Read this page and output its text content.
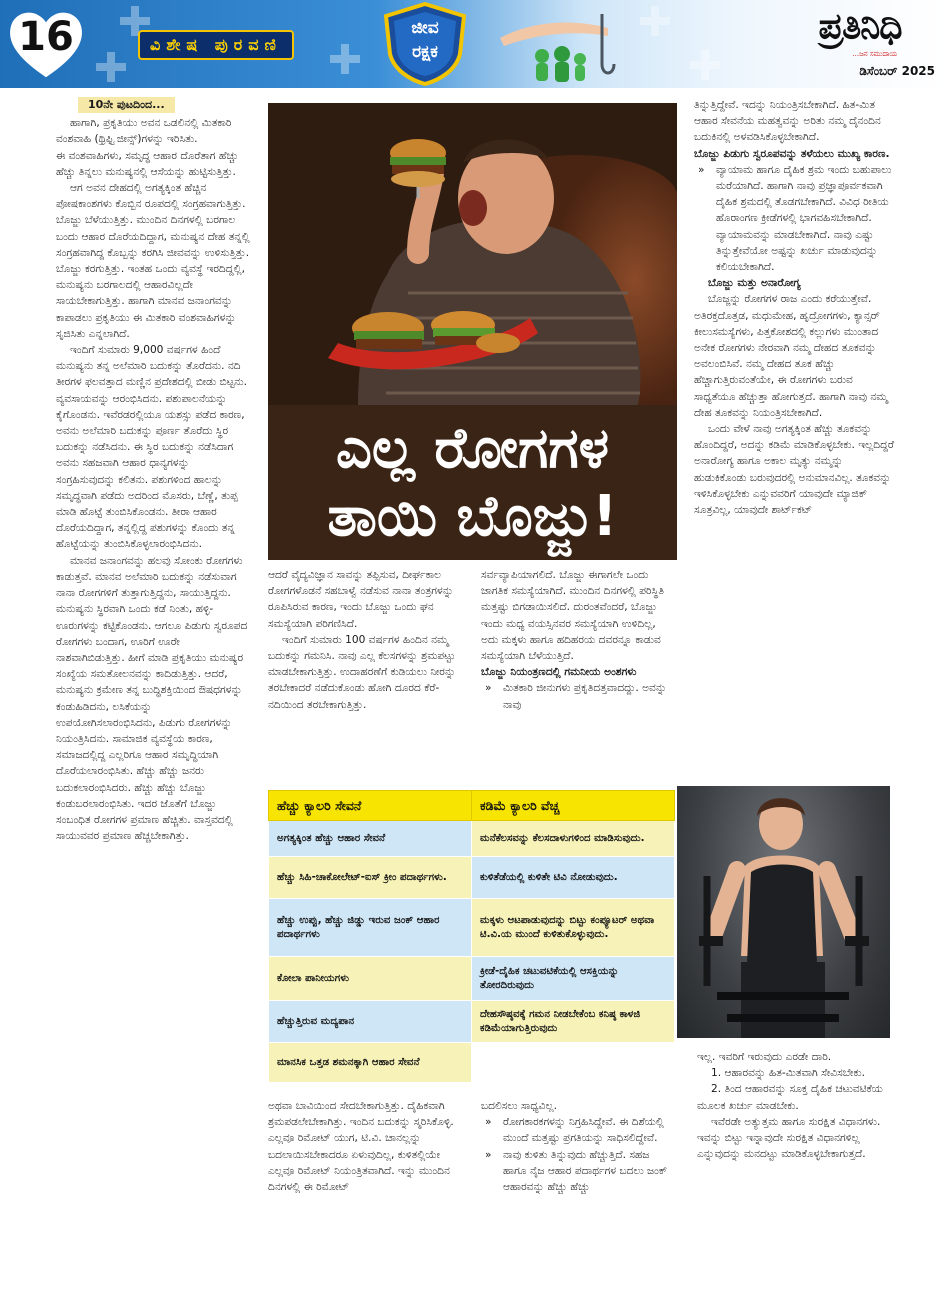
16	ವಿಶೇಷ ಪುರವಣಿ
ಜೀವ
ರಕ್ಷಕ
ಪ್ರತಿನಿಧಿ
...ಜನ ಸಮುದಾಯ
ಡಿಸೆಂಬರ್ 2025
10ನೇ ಪುಟದಿಂದ...

ಹಾಗಾಗಿ, ಪ್ರಕೃತಿಯು ಅವನ ಒಡಲಿನಲ್ಲಿ ಮಿತಕಾರಿ ವಂಶವಾಹಿ (ಥ್ರಿಫ್ಟಿ ಜೀನ್ಸ್)ಗಳನ್ನು ಇರಿಸಿತು.

ಈ ವಂಶವಾಹಿಗಳು, ಸಮೃದ್ಧ ಆಹಾರ ದೊರೆತಾಗ ಹೆಚ್ಚು ಹೆಚ್ಚು ತಿನ್ನಲು ಮನುಷ್ಯನಲ್ಲಿ ಆಸೆಯನ್ನು ಹುಟ್ಟಿಸುತ್ತಿತ್ತು.

ಆಗ ಅವನ ದೇಹದಲ್ಲಿ ಅಗತ್ಯಕ್ಕಿಂತ ಹೆಚ್ಚಿನ ಪೋಷಕಾಂಶಗಳು ಕೊಬ್ಬಿನ ರೂಪದಲ್ಲಿ ಸಂಗ್ರಹವಾಗುತ್ತಿತ್ತು. ಬೊಜ್ಜು ಬೆಳೆಯುತ್ತಿತ್ತು. ಮುಂದಿನ ದಿನಗಳಲ್ಲಿ ಬರಗಾಲ ಬಂದು ಆಹಾರ ದೊರೆಯದಿದ್ದಾಗ, ಮನುಷ್ಯನ ದೇಹ ತನ್ನಲ್ಲಿ ಸಂಗ್ರಹವಾಗಿದ್ದ ಕೊಬ್ಬನ್ನು ಕರಗಿಸಿ ಜೀವವನ್ನು ಉಳಿಸುತ್ತಿತ್ತು. ಬೊಜ್ಜು ಕರಗುತ್ತಿತ್ತು. ಇಂತಹ ಒಂದು ವ್ಯವಸ್ಥೆ ಇರದಿದ್ದಲ್ಲಿ, ಮನುಷ್ಯನು ಬರಗಾಲದಲ್ಲಿ ಆಹಾರವಿಲ್ಲದೇ ಸಾಯಬೇಕಾಗುತ್ತಿತ್ತು. ಹಾಗಾಗಿ ಮಾನವ ಜನಾಂಗವನ್ನು ಕಾಪಾಡಲು ಪ್ರಕೃತಿಯು ಈ ಮಿತಕಾರಿ ವಂಶವಾಹಿಗಳನ್ನು ಸೃಜಿಸಿತು ಎನ್ನಲಾಗಿದೆ.

ಇಂದಿಗೆ ಸುಮಾರು 9,000 ವರ್ಷಗಳ ಹಿಂದೆ ಮನುಷ್ಯನು ತನ್ನ ಅಲೆಮಾರಿ ಬದುಕನ್ನು ತೊರೆದನು. ನದಿ ತೀರಗಳ ಫಲವತ್ತಾದ ಮಣ್ಣಿನ ಪ್ರದೇಶದಲ್ಲಿ ಬೀಡು ಬಿಟ್ಟನು. ವ್ಯವಸಾಯವನ್ನು ಆರಂಭಿಸಿದನು. ಪಶುಪಾಲನೆಯನ್ನು ಕೈಗೊಂಡನು. ಇವೆರಡರಲ್ಲಿಯೂ ಯಶಸ್ಸು ಪಡೆದ ಕಾರಣ, ಅವನು ಅಲೆಮಾರಿ ಬದುಕನ್ನು ಪೂರ್ಣ ತೊರೆದು ಸ್ಥಿರ ಬದುಕನ್ನು ನಡೆಸಿದನು. ಈ ಸ್ಥಿರ ಬದುಕನ್ನು ನಡೆಸಿದಾಗ ಅವನು ಸಹಜವಾಗಿ ಆಹಾರ ಧಾನ್ಯಗಳನ್ನು ಸಂಗ್ರಹಿಸುವುದನ್ನು ಕಲಿತನು. ಪಶುಗಳಿಂದ ಹಾಲನ್ನು ಸಮೃದ್ಧವಾಗಿ ಪಡೆದು ಅದರಿಂದ ಮೊಸರು, ಬೆಣ್ಣೆ, ತುಪ್ಪ ಮಾಡಿ ಹೊಟ್ಟೆ ತುಂಬಿಸಿಕೊಂಡನು. ತೀರಾ ಆಹಾರ ದೊರೆಯದಿದ್ದಾಗ, ತನ್ನಲ್ಲಿದ್ದ ಪಶುಗಳನ್ನು ಕೊಂದು ತನ್ನ ಹೊಟ್ಟೆಯನ್ನು ತುಂಬಿಸಿಕೊಳ್ಳಲಾರಂಭಿಸಿದನು.

ಮಾನವ ಜನಾಂಗವನ್ನು ಹಲವು ಸೋಂಕು ರೋಗಗಳು ಕಾಡುತ್ತವೆ. ಮಾನವ ಅಲೆಮಾರಿ ಬದುಕನ್ನು ನಡೆಸುವಾಗ ನಾನಾ ರೋಗಗಳಿಗೆ ತುತ್ತಾಗುತ್ತಿದ್ದನು, ಸಾಯುತ್ತಿದ್ದನು. ಮನುಷ್ಯನು ಸ್ಥಿರವಾಗಿ ಒಂದು ಕಡೆ ನಿಂತು, ಹಳ್ಳಿ-ಊರುಗಳನ್ನು ಕಟ್ಟಿಕೊಂಡನು. ಆಗಲೂ ಪಿಡುಗು ಸ್ವರೂಪದ ರೋಗಗಳು ಬಂದಾಗ, ಊರಿಗೆ ಊರೇ ನಾಶವಾಗಿಬಿಡುತ್ತಿತ್ತು. ಹೀಗೆ ಮಾಡಿ ಪ್ರಕೃತಿಯು ಮನುಷ್ಯರ ಸಂಖ್ಯೆಯ ಸಮತೋಲನವನ್ನು ಕಾದಿಡುತ್ತಿತ್ತು. ಆದರೆ, ಮನುಷ್ಯನು ಕ್ರಮೇಣ ತನ್ನ ಬುದ್ಧಿಶಕ್ತಿಯಿಂದ ಔಷಧಗಳನ್ನು ಕಂಡುಹಿಡಿದನು, ಲಸಿಕೆಯನ್ನು ಉಪಯೋಗಿಸಲಾರಂಭಿಸಿದನು, ಪಿಡುಗು ರೋಗಗಳನ್ನು ನಿಯಂತ್ರಿಸಿದನು. ಸಾಮಾಜಿಕ ವ್ಯವಸ್ಥೆಯ ಕಾರಣ, ಸಮಾಜದಲ್ಲಿದ್ದ ಎಲ್ಲರಿಗೂ ಆಹಾರ ಸಮೃದ್ಧಿಯಾಗಿ ದೊರೆಯಲಾರಂಭಿಸಿತು. ಹೆಚ್ಚು ಹೆಚ್ಚು ಜನರು ಬದುಕಲಾರಂಭಿಸಿದರು. ಹೆಚ್ಚು ಹೆಚ್ಚು ಬೊಜ್ಜು ಕಂಡುಬರಲಾರಂಭಿಸಿತು. ಇದರ ಜೊತೆಗೆ ಬೊಜ್ಜು ಸಂಬಂಧಿತ ರೋಗಗಳ ಪ್ರಮಾಣ ಹೆಚ್ಚಿತು. ವಾಸ್ತವದಲ್ಲಿ ಸಾಯುವವರ ಪ್ರಮಾಣ ಹೆಚ್ಚಬೇಕಾಗಿತ್ತು.

ಎಲ್ಲ ರೋಗಗಳ
ತಾಯಿ ಬೊಜ್ಜು!

ಆದರೆ ವೈದ್ಯವಿಜ್ಞಾನ ಸಾವನ್ನು ತಪ್ಪಿಸುವ, ದೀರ್ಘಕಾಲ ರೋಗಗಳೊಡನೆ ಸಹಬಾಳ್ವೆ ನಡೆಸುವ ನಾನಾ ತಂತ್ರಗಳನ್ನು ರೂಪಿಸಿರುವ ಕಾರಣ, ಇಂದು ಬೊಜ್ಜು ಒಂದು ಘನ ಸಮಸ್ಯೆಯಾಗಿ ಪರಿಗಣಿಸಿದೆ.

ಇಂದಿಗೆ ಸುಮಾರು 100 ವರ್ಷಗಳ ಹಿಂದಿನ ನಮ್ಮ ಬದುಕನ್ನು ಗಮನಿಸಿ. ನಾವು ಎಲ್ಲ ಕೆಲಸಗಳನ್ನು ಶ್ರಮಪಟ್ಟು ಮಾಡಬೇಕಾಗುತ್ತಿತ್ತು. ಉದಾಹರಣೆಗೆ ಕುಡಿಯಲು ನೀರನ್ನು ತರಬೇಕಾದರೆ ನಡೆದುಕೊಂಡು ಹೋಗಿ ದೂರದ ಕೆರೆ-ನದಿಯಿಂದ ತರಬೇಕಾಗುತ್ತಿತ್ತು.

ಸರ್ವವ್ಯಾಪಿಯಾಗಲಿದೆ. ಬೊಜ್ಜು ಈಗಾಗಲೇ ಒಂದು ಜಾಗತಿಕ ಸಮಸ್ಯೆಯಾಗಿದೆ. ಮುಂದಿನ ದಿನಗಳಲ್ಲಿ ಪರಿಸ್ಥಿತಿ ಮತ್ತಷ್ಟು ಬಿಗಡಾಯಿಸಲಿದೆ. ದುರಂತವೆಂದರೆ, ಬೊಜ್ಜು ಇಂದು ಮಧ್ಯ ವಯಸ್ಸಿನವರ ಸಮಸ್ಯೆಯಾಗಿ ಉಳಿದಿಲ್ಲ, ಅದು ಮಕ್ಕಳು ಹಾಗೂ ಹದಿಹರಯ ದವರನ್ನೂ ಕಾಡುವ ಸಮಸ್ಯೆಯಾಗಿ ಬೆಳೆಯುತ್ತಿದೆ.

ಬೊಜ್ಜು ನಿಯಂತ್ರಣದಲ್ಲಿ ಗಮನೀಯ ಅಂಶಗಳು

» ಮಿತಕಾರಿ ಜೀನುಗಳು ಪ್ರಕೃತಿದತ್ತವಾದದ್ದು. ಅವನ್ನು ನಾವು

ಹೆಚ್ಚು ಕ್ಯಾಲರಿ ಸೇವನೆ	ಕಡಿಮೆ ಕ್ಯಾಲರಿ ವೆಚ್ಚ
ಅಗತ್ಯಕ್ಕಿಂತ ಹೆಚ್ಚು ಆಹಾರ ಸೇವನೆ	ಮನೆಕೆಲಸವನ್ನು ಕೆಲಸದಾಳುಗಳಿಂದ ಮಾಡಿಸುವುದು.
ಹೆಚ್ಚು ಸಿಹಿ-ಚಾಕೋಲೇಟ್-ಐಸ್ ಕ್ರೀಂ ಪದಾರ್ಥಗಳು.	ಕುಳಿತೆಡೆಯಲ್ಲಿ ಕುಳಿತೇ ಟಿವಿ ನೋಡುವುದು.
ಹೆಚ್ಚು ಉಪ್ಪು, ಹೆಚ್ಚು ಜಿಡ್ಡು ಇರುವ ಜಂಕ್ ಆಹಾರ ಪದಾರ್ಥಗಳು	ಮಕ್ಕಳು ಆಟಪಾಡುವುದನ್ನು ಬಿಟ್ಟು ಕಂಪ್ಯೂಟರ್ ಅಥವಾ ಟಿ.ವಿ.ಯ ಮುಂದೆ ಕುಳಿತುಕೊಳ್ಳುವುದು.
ಕೋಲಾ ಪಾನೀಯಗಳು	ಕ್ರೀಡೆ-ದೈಹಿಕ ಚಟುವಟಿಕೆಯಲ್ಲಿ ಆಸಕ್ತಿಯನ್ನು ತೋರದಿರುವುದು
ಹೆಚ್ಚುತ್ತಿರುವ ಮದ್ಯಪಾನ	ದೇಹಸೌಷ್ಠವಕ್ಕೆ ಗಮನ ನೀಡಬೇಕೆಂಬ ಕನಿಷ್ಠ ಕಾಳಜಿ ಕಡಿಮೆಯಾಗುತ್ತಿರುವುದು
ಮಾನಸಿಕ ಒತ್ತಡ ಶಮನಕ್ಕಾಗಿ ಆಹಾರ ಸೇವನೆ	

ಅಥವಾ ಬಾವಿಯಿಂದ ಸೇದಬೇಕಾಗುತ್ತಿತ್ತು. ದೈಹಿಕವಾಗಿ ಶ್ರಮಪಡಲೇಬೇಕಾಗಿತ್ತು. ಇಂದಿನ ಬದುಕನ್ನು ಸ್ಮರಿಸಿಕೊಳ್ಳಿ. ಎಲ್ಲವೂ ರಿಮೋಟ್ ಯುಗ, ಟಿ.ವಿ. ಚಾನಲ್ಲನ್ನು ಬದಲಾಯಿಸಬೇಕಾದರೂ ಏಳುವುದಿಲ್ಲ, ಕುಳಿತಲ್ಲಿಯೇ ಎಲ್ಲವೂ ರಿಮೋಟ್ ನಿಯಂತ್ರಿತವಾಗಿದೆ. ಇನ್ನು ಮುಂದಿನ ದಿನಗಳಲ್ಲಿ ಈ ರಿಮೋಟ್

ಬದಲಿಸಲು ಸಾಧ್ಯವಿಲ್ಲ.

» ರೋಗಕಾರಕಗಳನ್ನು ನಿಗ್ರಹಿಸಿದ್ದೇವೆ. ಈ ದಿಶೆಯಲ್ಲಿ ಮುಂದೆ ಮತ್ತಷ್ಟು ಪ್ರಗತಿಯನ್ನು ಸಾಧಿಸಲಿದ್ದೇವೆ.

» ನಾವು ಕುಳಿತು ತಿನ್ನುವುದು ಹೆಚ್ಚುತ್ತಿದೆ. ಸಹಜ ಹಾಗೂ ನೈಜ ಆಹಾರ ಪದಾರ್ಥಗಳ ಬದಲು ಜಂಕ್ ಆಹಾರವನ್ನು ಹೆಚ್ಚು ಹೆಚ್ಚು

ತಿನ್ನುತ್ತಿದ್ದೇವೆ. ಇದನ್ನು ನಿಯಂತ್ರಿಸಬೇಕಾಗಿದೆ. ಹಿತ-ಮಿತ ಆಹಾರ ಸೇವನೆಯ ಮಹತ್ವವನ್ನು ಅರಿತು ನಮ್ಮ ದೈನಂದಿನ ಬದುಕಿನಲ್ಲಿ ಅಳವಡಿಸಿಕೊಳ್ಳಬೇಕಾಗಿದೆ.

ಬೊಜ್ಜು ಪಿಡುಗು ಸ್ವರೂಪವನ್ನು ತಳೆಯಲು ಮುಖ್ಯ ಕಾರಣ.

» ವ್ಯಾಯಾಮ ಹಾಗೂ ದೈಹಿಕ ಶ್ರಮ ಇಂದು ಬಹುಪಾಲು ಮರೆಯಾಗಿದೆ. ಹಾಗಾಗಿ ನಾವು ಪ್ರಜ್ಞಾಪೂರ್ವಕವಾಗಿ ದೈಹಿಕ ಶ್ರಮದಲ್ಲಿ ತೊಡಗಬೇಕಾಗಿದೆ. ವಿವಿಧ ರೀತಿಯ ಹೊರಾಂಗಣ ಕ್ರೀಡೆಗಳಲ್ಲಿ ಭಾಗವಹಿಸಬೇಕಾಗಿದೆ. ವ್ಯಾಯಾಮವನ್ನು ಮಾಡಬೇಕಾಗಿದೆ. ನಾವು ಎಷ್ಟು ತಿನ್ನುತ್ತೇವೆಯೋ ಅಷ್ಟನ್ನು ಖರ್ಚು ಮಾಡುವುದನ್ನು ಕಲಿಯಬೇಕಾಗಿದೆ.

ಬೊಜ್ಜು ಮತ್ತು ಅನಾರೋಗ್ಯ

ಬೊಜ್ಜನ್ನು ರೋಗಗಳ ರಾಜ ಎಂದು ಕರೆಯುತ್ತೇವೆ. ಅತಿರಕ್ತದೊತ್ತಡ, ಮಧುಮೇಹ, ಹೃದ್ರೋಗಗಳು, ಕ್ಯಾನ್ಸರ್ ಕೀಲುಸಮಸ್ಯೆಗಳು, ಪಿತ್ತಕೋಶದಲ್ಲಿ ಕಲ್ಲುಗಳು ಮುಂತಾದ ಅನೇಕ ರೋಗಗಳು ನೇರವಾಗಿ ನಮ್ಮ ದೇಹದ ತೂಕವನ್ನು ಅವಲಂಬಿಸಿವೆ. ನಮ್ಮ ದೇಹದ ತೂಕ ಹೆಚ್ಚು ಹೆಚ್ಚಾಗುತ್ತಿರುವಂತೆಯೇ, ಈ ರೋಗಗಳು ಬರುವ ಸಾಧ್ಯತೆಯೂ ಹೆಚ್ಚುತ್ತಾ ಹೋಗುತ್ತದೆ. ಹಾಗಾಗಿ ನಾವು ನಮ್ಮ ದೇಹ ತೂಕವನ್ನು ನಿಯಂತ್ರಿಸಬೇಕಾಗಿದೆ.

ಒಂದು ವೇಳೆ ನಾವು ಅಗತ್ಯಕ್ಕಿಂತ ಹೆಚ್ಚು ತೂಕವನ್ನು ಹೊಂದಿದ್ದರೆ, ಅದನ್ನು ಕಡಿಮೆ ಮಾಡಿಕೊಳ್ಳಬೇಕು. ಇಲ್ಲದಿದ್ದರೆ ಅನಾರೋಗ್ಯ ಹಾಗೂ ಅಕಾಲ ಮೃತ್ಯು ನಮ್ಮನ್ನು ಹುಡುಕಿಕೊಂಡು ಬರುವುದರಲ್ಲಿ ಅನುಮಾನವಿಲ್ಲ. ತೂಕವನ್ನು ಇಳಿಸಿಕೊಳ್ಳಬೇಕು ಎನ್ನುವವರಿಗೆ ಯಾವುದೇ ಮ್ಯಾಜಿಕ್ ಸೂತ್ರವಿಲ್ಲ, ಯಾವುದೇ ಶಾರ್ಟ್‌ಕಟ್

ಇಲ್ಲ. ಇವರಿಗೆ ಇರುವುದು ಎರಡೇ ದಾರಿ.

1. ಆಹಾರವನ್ನು ಹಿತ-ಮಿತವಾಗಿ ಸೇವಿಸಬೇಕು.

2. ತಿಂದ ಆಹಾರವನ್ನು ಸೂಕ್ತ ದೈಹಿಕ ಚಟುವಟಿಕೆಯ ಮೂಲಕ ಖರ್ಚು ಮಾಡಬೇಕು.

ಇವೆರಡೇ ಅತ್ಯುತ್ತಮ ಹಾಗೂ ಸುರಕ್ಷಿತ ವಿಧಾನಗಳು. ಇವನ್ನು ಬಿಟ್ಟು ಇನ್ನಾವುದೇ ಸುರಕ್ಷಿತ ವಿಧಾನಗಳಿಲ್ಲ ಎನ್ನುವುದನ್ನು ಮನದಟ್ಟು ಮಾಡಿಕೊಳ್ಳಬೇಕಾಗುತ್ತದೆ.
